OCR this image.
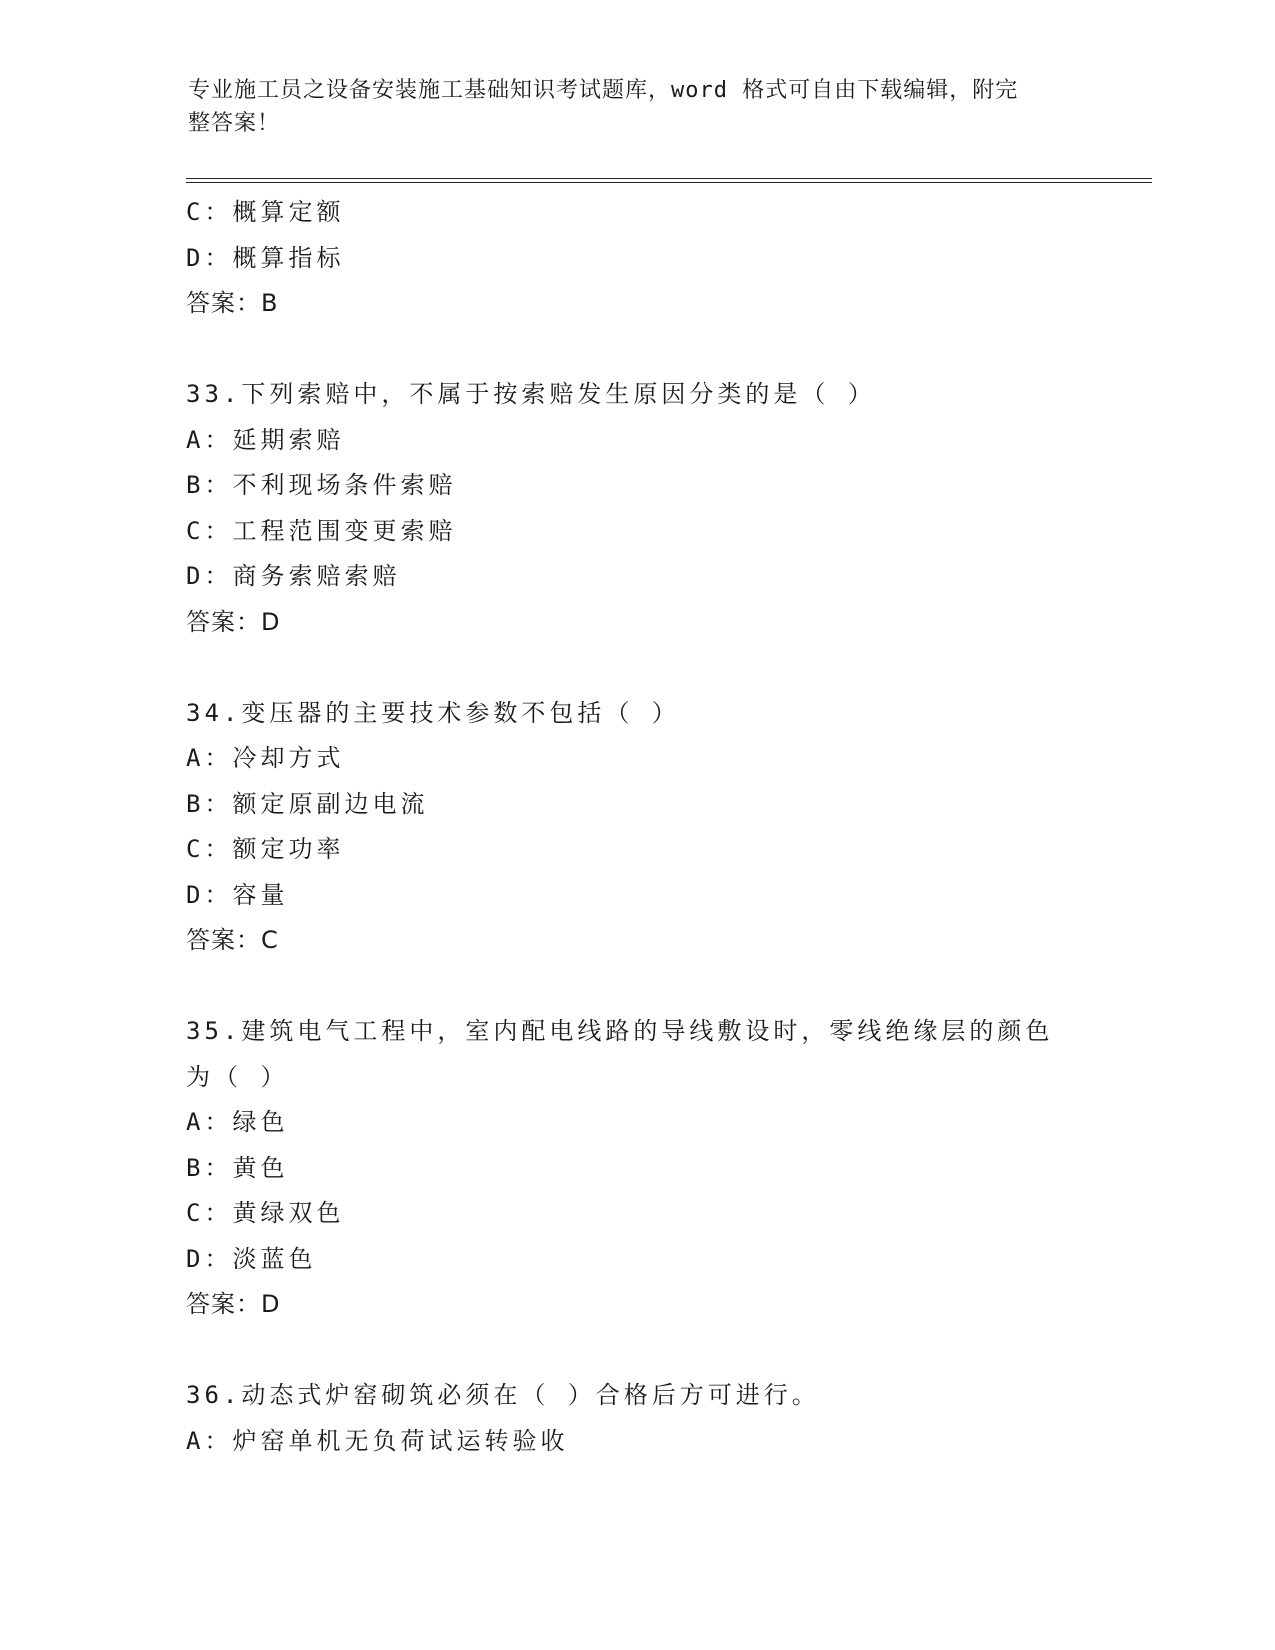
专业施工员之设备安装施工基础知识考试题库，word 格式可自由下载编辑，附完
整答案！
C：概算定额
D：概算指标
答案：B
33.下列索赔中，不属于按索赔发生原因分类的是（ ）
A：延期索赔
B：不利现场条件索赔
C：工程范围变更索赔
D：商务索赔索赔
答案：D
34.变压器的主要技术参数不包括（ ）
A：冷却方式
B：额定原副边电流
C：额定功率
D：容量
答案：C
35.建筑电气工程中，室内配电线路的导线敷设时，零线绝缘层的颜色
为（ ）
A：绿色
B：黄色
C：黄绿双色
D：淡蓝色
答案：D
36.动态式炉窑砌筑必须在（ ）合格后方可进行。
A：炉窑单机无负荷试运转验收
